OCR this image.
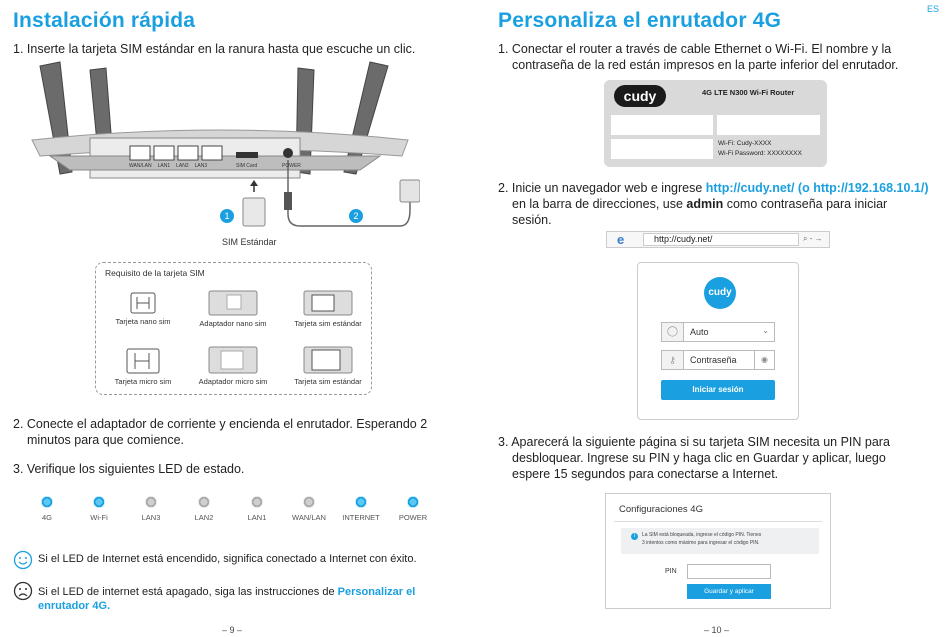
Instalación rápida
1. Inserte la tarjeta SIM estándar en la ranura hasta que escuche un clic.
WAN/LAN LAN1 LAN2 LAN3	SIM Card	POWER
1	2
SIM Estándar
Requisito de la tarjeta SIM
Tarjeta nano sim	Adaptador nano sim	Tarjeta sim estándar
Tarjeta micro sim	Adaptador micro sim	Tarjeta sim estándar
2. Conecte el adaptador de corriente y encienda el enrutador. Esperando 2
minutos para que comience.
3. Verifique los siguientes LED de estado.
4G	Wi-Fi	LAN3	LAN2	LAN1	WAN/LAN	INTERNET	POWER
Si el LED de Internet está encendido, significa conectado a Internet con éxito.
Si el LED de internet está apagado, siga las instrucciones de Personalizar el
enrutador 4G.
– 9 –
ES
Personaliza el enrutador 4G
1. Conectar el router a través de cable Ethernet o Wi-Fi. El nombre y la
contraseña de la red están impresos en la parte inferior del enrutador.
cudy	4G LTE N300 Wi-Fi Router
Wi-Fi: Cudy-XXXX
Wi-Fi Password: XXXXXXXX
2. Inicie un navegador web e ingrese http://cudy.net/ (o http://192.168.10.1/)
en la barra de direcciones, use admin como contraseña para iniciar
sesión.
e	http://cudy.net/	⌕ - →
cudy
◯	Auto	⌄
⚷	Contraseña	◉
Iniciar sesión
3. Aparecerá la siguiente página si su tarjeta SIM necesita un PIN para
desbloquear. Ingrese su PIN y haga clic en Guardar y aplicar, luego
espere 15 segundos para conectarse a Internet.
Configuraciones 4G
i	La SIM está bloqueada, ingrese el código PIN. Tienes
3 intentos como máximo para ingresar el código PIN.
PIN
Guardar y aplicar
– 10 –
